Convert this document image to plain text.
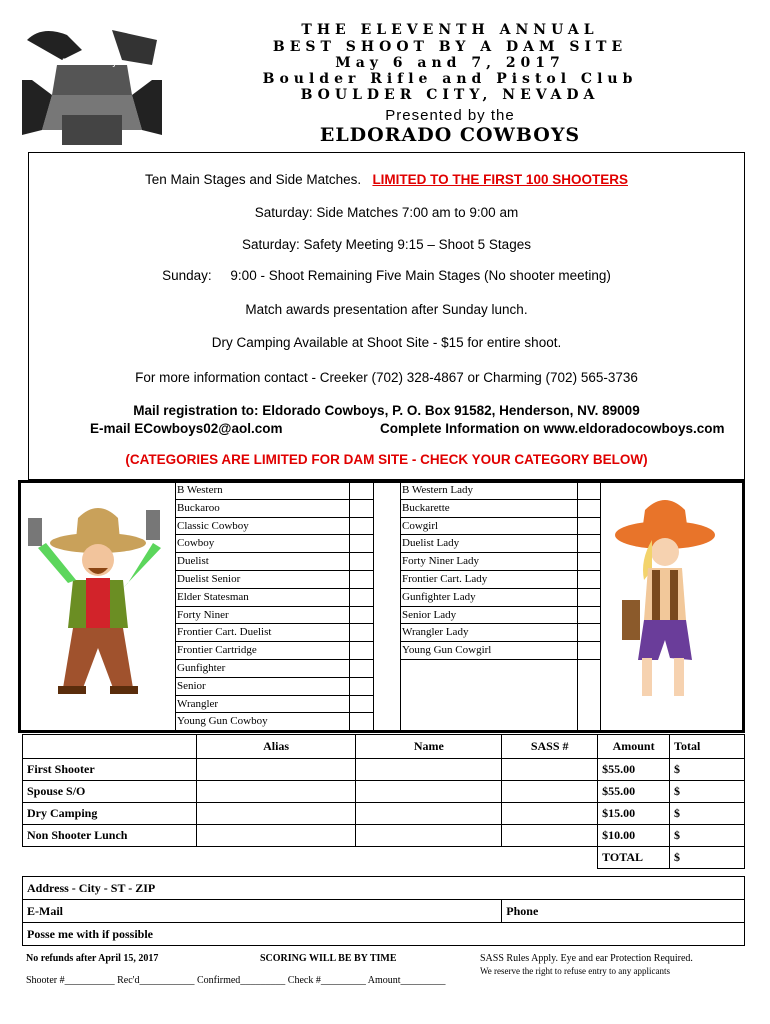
Boulder City
THE ELEVENTH ANNUAL
BEST SHOOT BY A DAM SITE
May 6 and 7, 2017
Boulder Rifle and Pistol Club
BOULDER CITY, NEVADA
Presented by the
ELDORADO COWBOYS
Ten Main Stages and Side Matches. LIMITED TO THE FIRST 100 SHOOTERS
Saturday: Side Matches 7:00 am to 9:00 am
Saturday: Safety Meeting 9:15 – Shoot 5 Stages
Sunday: 9:00 - Shoot Remaining Five Main Stages (No shooter meeting)
Match awards presentation after Sunday lunch.
Dry Camping Available at Shoot Site - $15 for entire shoot.
For more information contact - Creeker (702) 328-4867 or Charming (702) 565-3736
Mail registration to: Eldorado Cowboys, P. O. Box 91582, Henderson, NV. 89009
E-mail ECowboys02@aol.com	Complete Information on www.eldoradocowboys.com
(CATEGORIES ARE LIMITED FOR DAM SITE - CHECK YOUR CATEGORY BELOW)
B Western
Buckaroo
Classic Cowboy
Cowboy
Duelist
Duelist Senior
Elder Statesman
Forty Niner
Frontier Cart. Duelist
Frontier Cartridge
Gunfighter
Senior
Wrangler
Young Gun Cowboy
B Western Lady
Buckarette
Cowgirl
Duelist Lady
Forty Niner Lady
Frontier Cart. Lady
Gunfighter Lady
Senior Lady
Wrangler Lady
Young Gun Cowgirl
	Alias	Name	SASS #	Amount	Total
First Shooter				$55.00	$
Spouse S/O				$55.00	$
Dry Camping				$15.00	$
Non Shooter Lunch				$10.00	$
				TOTAL	$
Address - City - ST - ZIP
E-Mail	Phone
Posse me with if possible
No refunds after April 15, 2017	SCORING WILL BE BY TIME	SASS Rules Apply. Eye and ear Protection Required.
We reserve the right to refuse entry to any applicants
Shooter #__________ Rec'd___________ Confirmed_________ Check #_________ Amount_________
